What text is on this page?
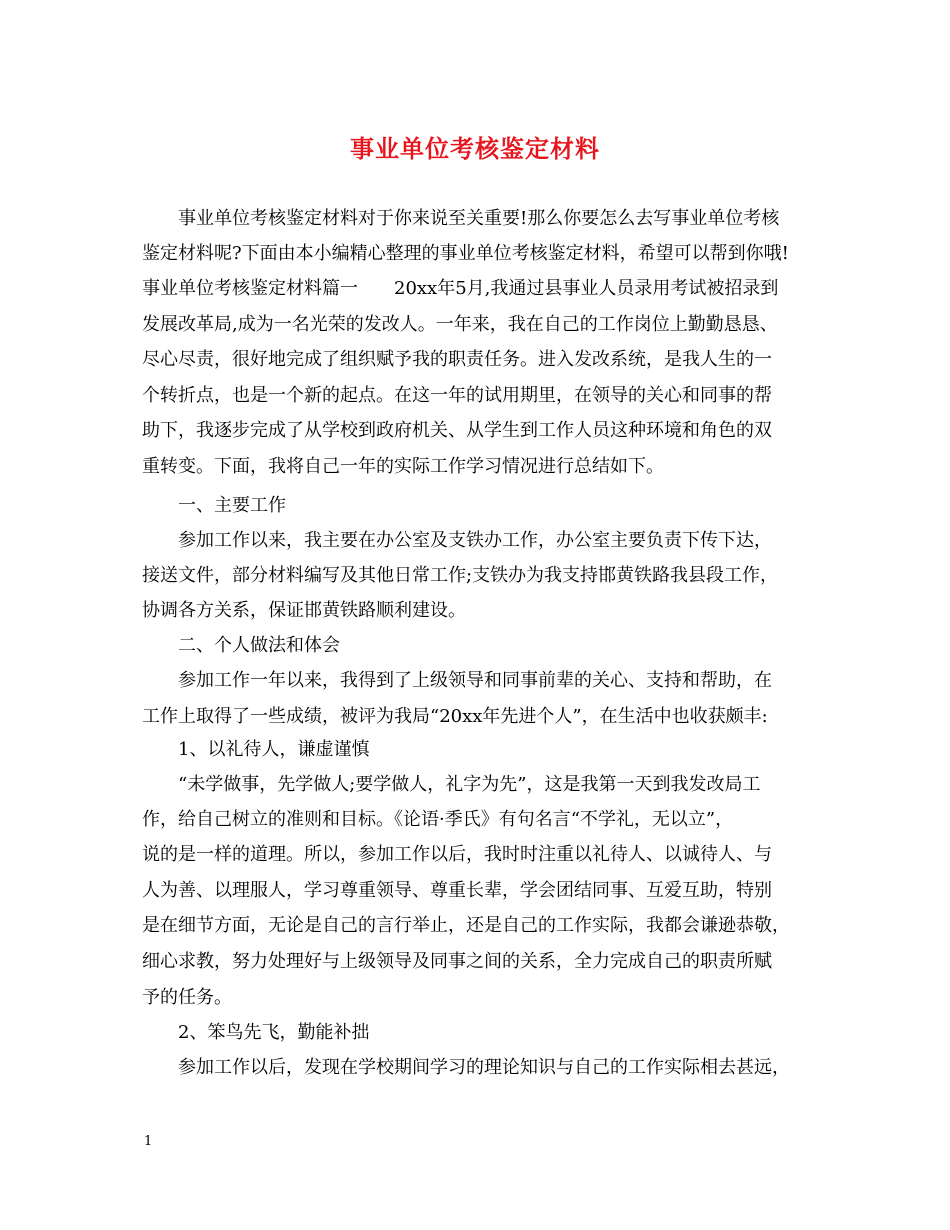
事业单位考核鉴定材料
　　事业单位考核鉴定材料对于你来说至关重要!那么你要怎么去写事业单位考核
鉴定材料呢?下面由本小编精心整理的事业单位考核鉴定材料，希望可以帮到你哦!
事业单位考核鉴定材料篇一　　20xx年5月,我通过县事业人员录用考试被招录到
发展改革局,成为一名光荣的发改人。一年来，我在自己的工作岗位上勤勤恳恳、
尽心尽责，很好地完成了组织赋予我的职责任务。进入发改系统，是我人生的一
个转折点，也是一个新的起点。在这一年的试用期里，在领导的关心和同事的帮
助下，我逐步完成了从学校到政府机关、从学生到工作人员这种环境和角色的双
重转变。下面，我将自己一年的实际工作学习情况进行总结如下。
　　一、主要工作
　　参加工作以来，我主要在办公室及支铁办工作，办公室主要负责下传下达，
接送文件，部分材料编写及其他日常工作;支铁办为我支持邯黄铁路我县段工作，
协调各方关系，保证邯黄铁路顺利建设。
　　二、个人做法和体会
　　参加工作一年以来，我得到了上级领导和同事前辈的关心、支持和帮助，在
工作上取得了一些成绩，被评为我局“20xx年先进个人”，在生活中也收获颇丰:
　　1、以礼待人，谦虚谨慎
　　“未学做事，先学做人;要学做人，礼字为先”，这是我第一天到我发改局工
作，给自己树立的准则和目标。《论语·季氏》有句名言“不学礼，无以立”，
说的是一样的道理。所以，参加工作以后，我时时注重以礼待人、以诚待人、与
人为善、以理服人，学习尊重领导、尊重长辈，学会团结同事、互爱互助，特别
是在细节方面，无论是自己的言行举止，还是自己的工作实际，我都会谦逊恭敬，
细心求教，努力处理好与上级领导及同事之间的关系，全力完成自己的职责所赋
予的任务。
　　2、笨鸟先飞，勤能补拙
　　参加工作以后，发现在学校期间学习的理论知识与自己的工作实际相去甚远，
1
